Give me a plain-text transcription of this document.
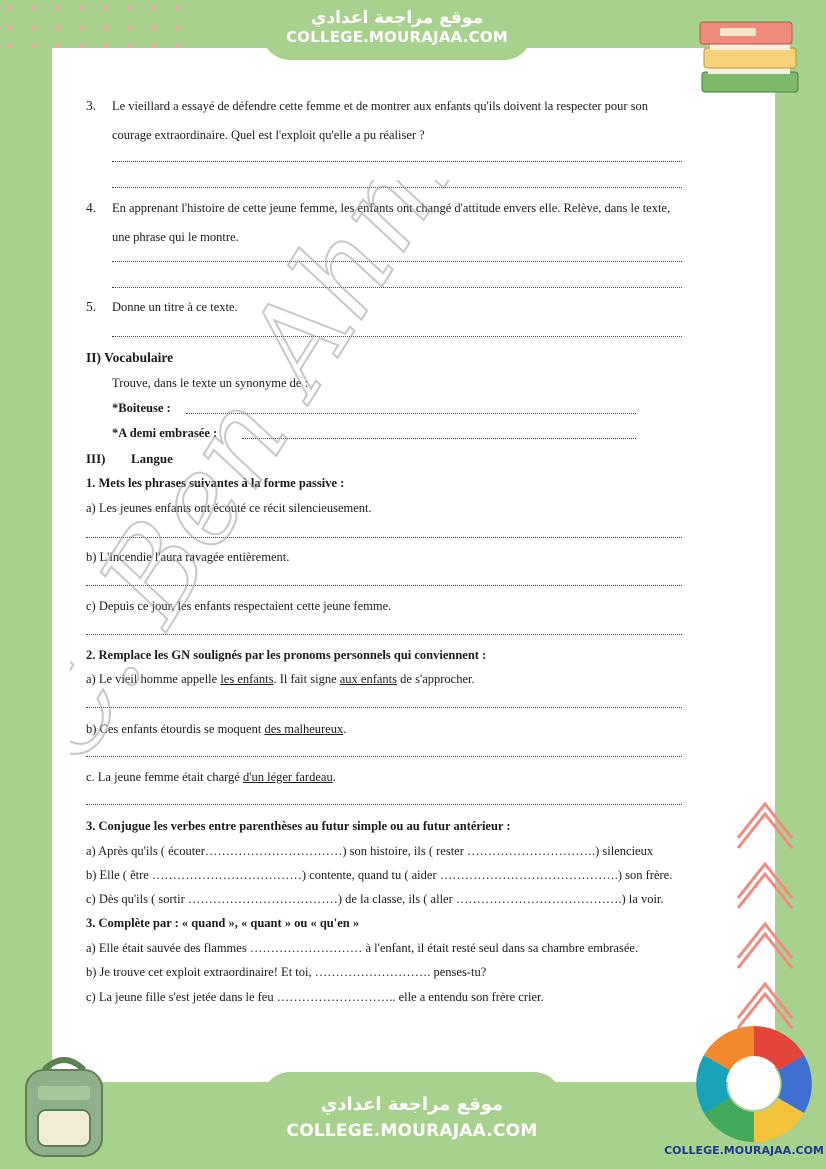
موقع مراجعة اعدادي
COLLEGE.MOURAJAA.COM
3. Le vieillard a essayé de défendre cette femme et de montrer aux enfants qu'ils doivent la respecter pour son courage extraordinaire. Quel est l'exploit qu'elle a pu réaliser ?
4. En apprenant l'histoire de cette jeune femme, les enfants ont changé d'attitude envers elle. Relève, dans le texte, une phrase qui le montre.
5. Donne un titre à ce texte.
II) Vocabulaire
Trouve, dans le texte un synonyme de :
*Boiteuse :
*A demi embrasée :
III) Langue
1. Mets les phrases suivantes à la forme passive :
a) Les jeunes enfants ont écouté ce récit silencieusement.
b) L'incendie l'aura ravagée entièrement.
c) Depuis ce jour, les enfants respectaient cette jeune femme.
2. Remplace les GN soulignés par les pronoms personnels qui conviennent :
a) Le vieil homme appelle les enfants. Il fait signe aux enfants de s'approcher.
b) Ces enfants étourdis se moquent des malheureux.
c. La jeune femme était chargé d'un léger fardeau.
3. Conjugue les verbes entre parenthèses au futur simple ou au futur antérieur :
a) Après qu'ils ( écouter……………………………) son histoire, ils ( rester ………………………….) silencieux
b) Elle ( être ………………………………) contente, quand tu ( aider …………………………………….) son frère.
c) Dès qu'ils ( sortir ………………………………) de la classe, ils ( aller ………………………………….) la voir.
3. Complète par : « quand », « quant » ou « qu'en »
a) Elle était sauvée des flammes ……………………… à l'enfant, il était resté seul dans sa chambre embrasée.
b) Je trouve cet exploit extraordinaire! Et toi, ………………………. penses-tu?
c) La jeune fille s'est jetée dans le feu ……………………….. elle a entendu son frère crier.
موقع مراجعة اعدادي
COLLEGE.MOURAJAA.COM
COLLEGE.MOURAJAA.COM
